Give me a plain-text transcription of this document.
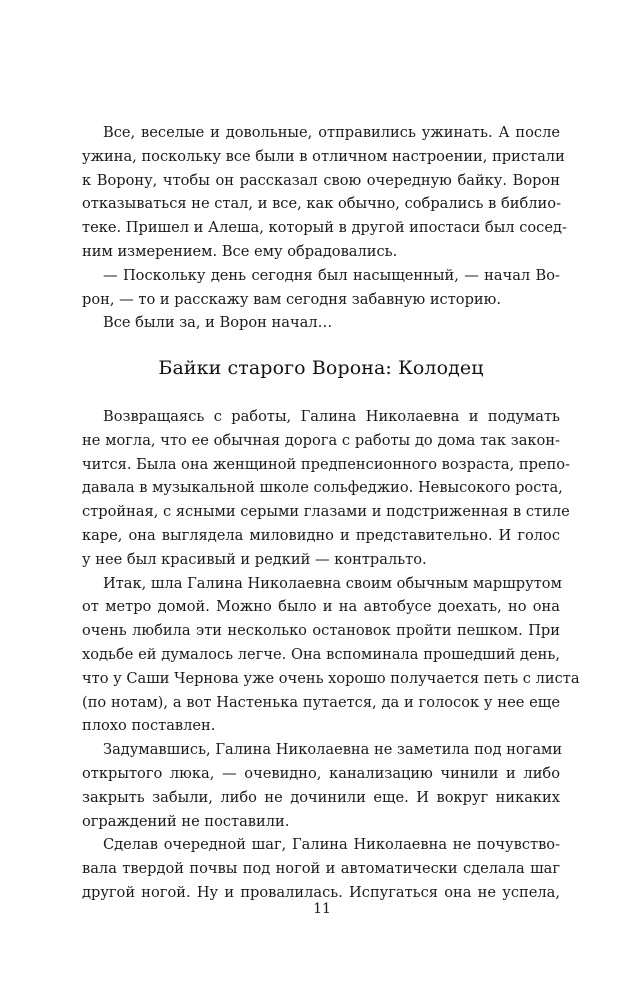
Все, веселые и довольные, отправились ужинать. А после
ужина, поскольку все были в отличном настроении, пристали
к Ворону, чтобы он рассказал свою очередную байку. Ворон
отказываться не стал, и все, как обычно, собрались в библио-
теке. Пришел и Алеша, который в другой ипостаси был сосед-
ним измерением. Все ему обрадовались.
— Поскольку день сегодня был насыщенный, — начал Во-
рон, — то и расскажу вам сегодня забавную историю.
Все были за, и Ворон начал…
Байки старого Ворона: Колодец
Возвращаясь с работы, Галина Николаевна и подумать
не могла, что ее обычная дорога с работы до дома так закон-
чится. Была она женщиной предпенсионного возраста, препо-
давала в музыкальной школе сольфеджио. Невысокого роста,
стройная, с ясными серыми глазами и подстриженная в стиле
каре, она выглядела миловидно и представительно. И голос
у нее был красивый и редкий — контральто.
Итак, шла Галина Николаевна своим обычным маршрутом
от метро домой. Можно было и на автобусе доехать, но она
очень любила эти несколько остановок пройти пешком. При
ходьбе ей думалось легче. Она вспоминала прошедший день,
что у Саши Чернова уже очень хорошо получается петь с листа
(по нотам), а вот Настенька путается, да и голосок у нее еще
плохо поставлен.
Задумавшись, Галина Николаевна не заметила под ногами
открытого люка, — очевидно, канализацию чинили и либо
закрыть забыли, либо не дочинили еще. И вокруг никаких
ограждений не поставили.
Сделав очередной шаг, Галина Николаевна не почувство-
вала твердой почвы под ногой и автоматически сделала шаг
другой ногой. Ну и провалилась. Испугаться она не успела,
11
